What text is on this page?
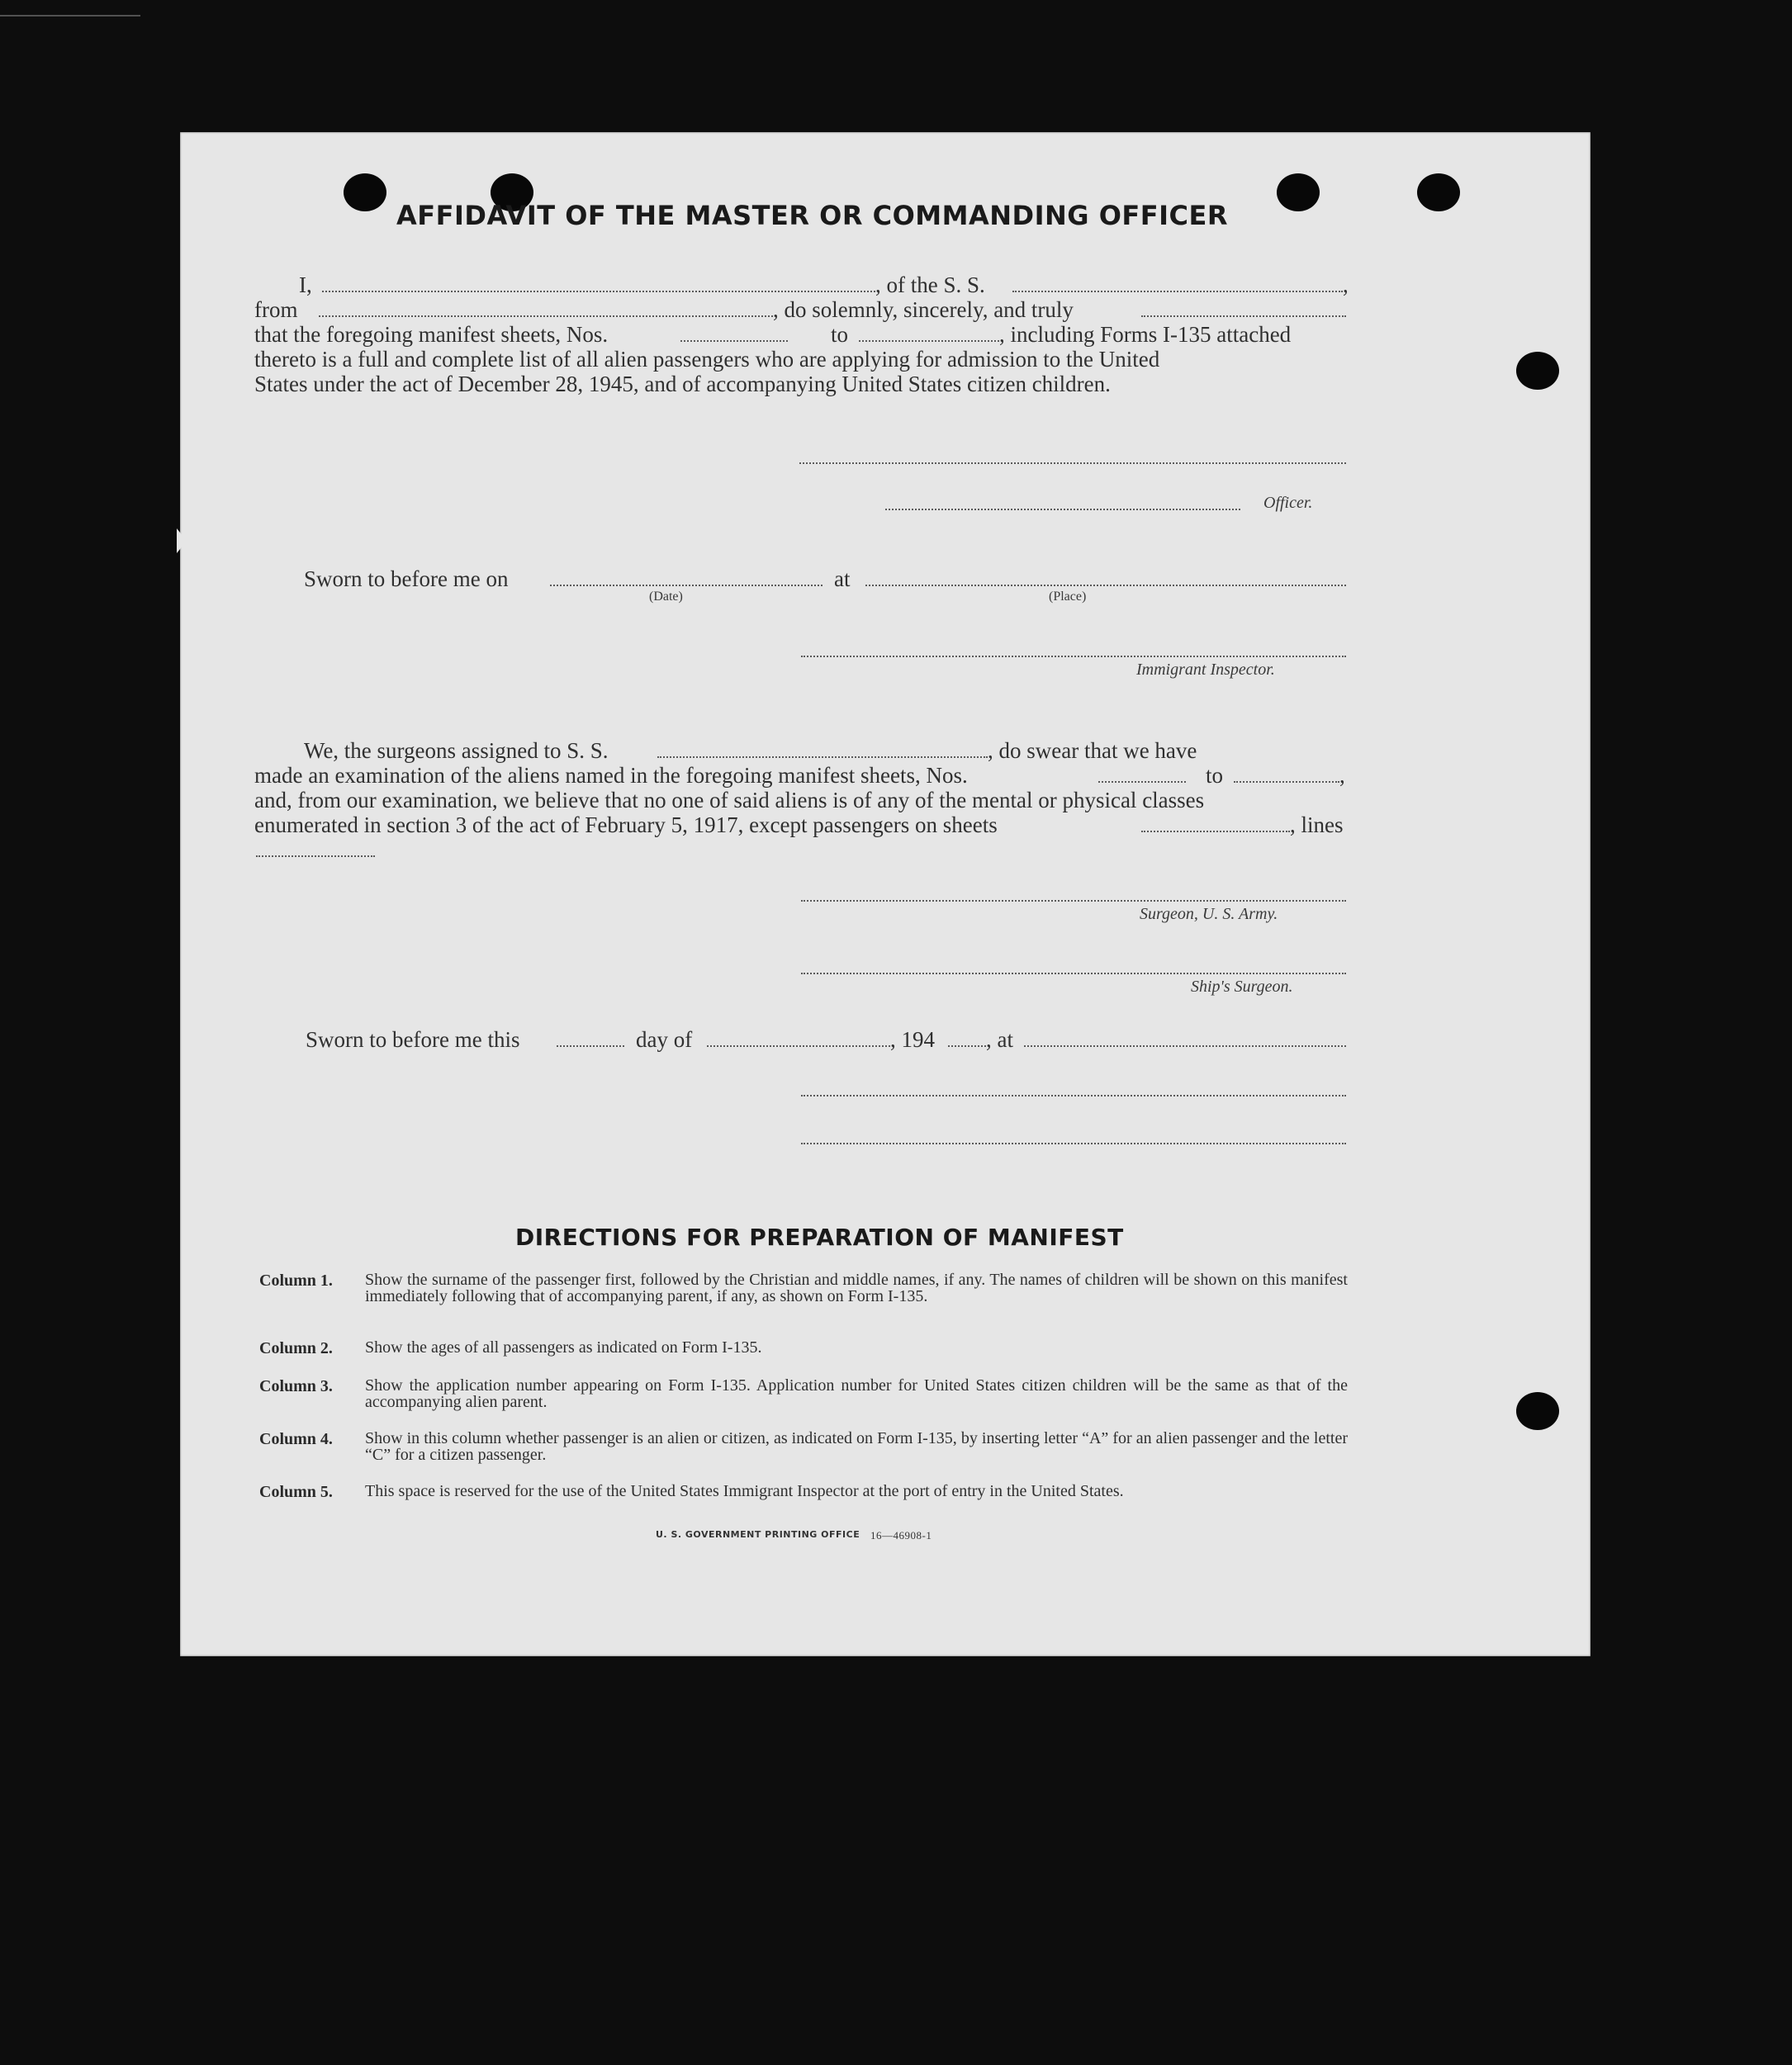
AFFIDAVIT OF THE MASTER OR COMMANDING OFFICER
I,	, of the S. S.	,
from	, do solemnly, sincerely, and truly
that the foregoing manifest sheets, Nos.	to	, including Forms I-135 attached
thereto is a full and complete list of all alien passengers who are applying for admission to the United
States under the act of December 28, 1945, and of accompanying United States citizen children.
Officer.
Sworn to before me on	at
(Date)	(Place)
Immigrant Inspector.
We, the surgeons assigned to S. S.	, do swear that we have
made an examination of the aliens named in the foregoing manifest sheets, Nos.	to	,
and, from our examination, we believe that no one of said aliens is of any of the mental or physical classes
enumerated in section 3 of the act of February 5, 1917, except passengers on sheets	, lines
Surgeon, U. S. Army.
Ship's Surgeon.
Sworn to before me this	day of	, 194 , at
DIRECTIONS FOR PREPARATION OF MANIFEST
Column 1. Show the surname of the passenger first, followed by the Christian and middle names, if any. The names of children will be shown on this manifest immediately following that of accompanying parent, if any, as shown on Form I-135.
Column 2. Show the ages of all passengers as indicated on Form I-135.
Column 3. Show the application number appearing on Form I-135. Application number for United States citizen children will be the same as that of the accompanying alien parent.
Column 4. Show in this column whether passenger is an alien or citizen, as indicated on Form I-135, by inserting letter “A” for an alien passenger and the letter “C” for a citizen passenger.
Column 5. This space is reserved for the use of the United States Immigrant Inspector at the port of entry in the United States.
U. S. GOVERNMENT PRINTING OFFICE 16—46908-1
